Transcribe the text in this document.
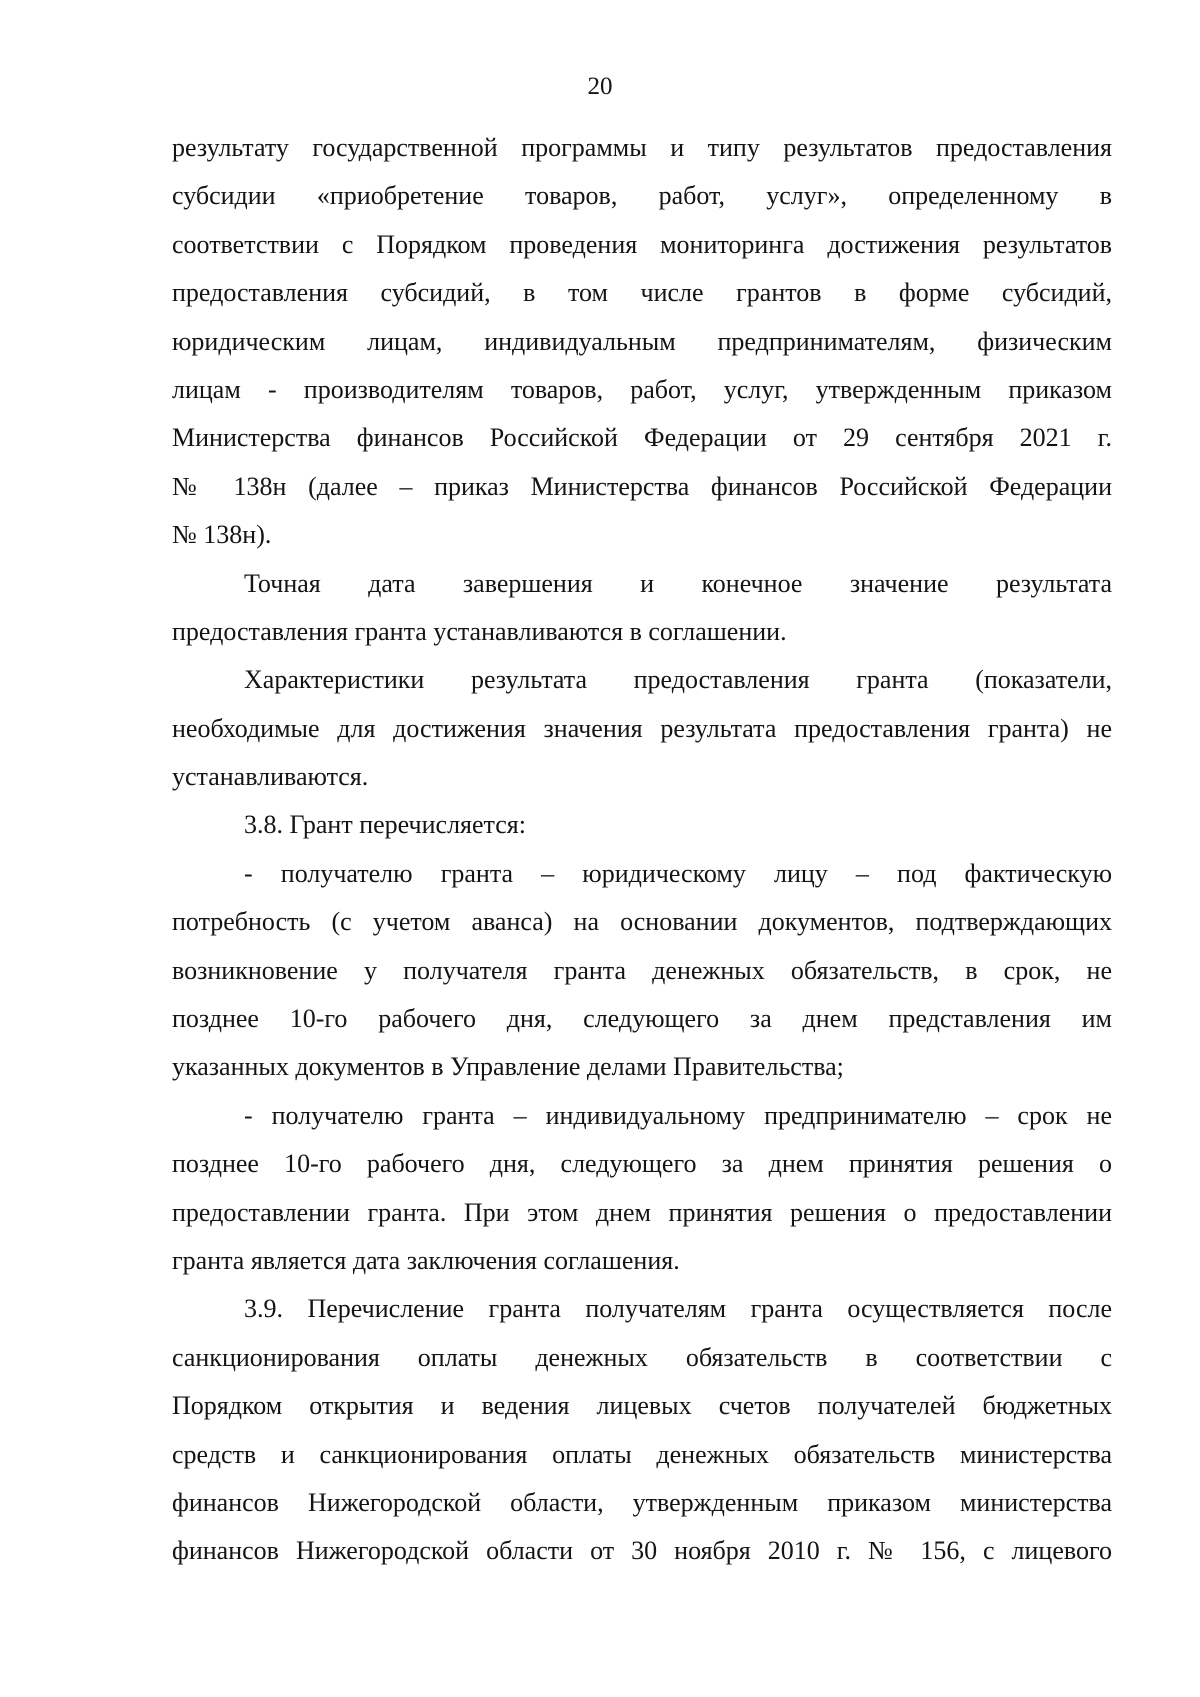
20
результату государственной программы и типу результатов предоставления
субсидии «приобретение товаров, работ, услуг», определенному в
соответствии с Порядком проведения мониторинга достижения результатов
предоставления субсидий, в том числе грантов в форме субсидий,
юридическим лицам, индивидуальным предпринимателям, физическим
лицам - производителям товаров, работ, услуг, утвержденным приказом
Министерства финансов Российской Федерации от 29 сентября 2021 г.
№ 138н (далее – приказ Министерства финансов Российской Федерации
№ 138н).
Точная дата завершения и конечное значение результата
предоставления гранта устанавливаются в соглашении.
Характеристики результата предоставления гранта (показатели,
необходимые для достижения значения результата предоставления гранта) не
устанавливаются.
3.8. Грант перечисляется:
- получателю гранта – юридическому лицу – под фактическую
потребность (с учетом аванса) на основании документов, подтверждающих
возникновение у получателя гранта денежных обязательств, в срок, не
позднее 10-го рабочего дня, следующего за днем представления им
указанных документов в Управление делами Правительства;
- получателю гранта – индивидуальному предпринимателю – срок не
позднее 10-го рабочего дня, следующего за днем принятия решения о
предоставлении гранта. При этом днем принятия решения о предоставлении
гранта является дата заключения соглашения.
3.9. Перечисление гранта получателям гранта осуществляется после
санкционирования оплаты денежных обязательств в соответствии с
Порядком открытия и ведения лицевых счетов получателей бюджетных
средств и санкционирования оплаты денежных обязательств министерства
финансов Нижегородской области, утвержденным приказом министерства
финансов Нижегородской области от 30 ноября 2010 г. № 156, с лицевого
